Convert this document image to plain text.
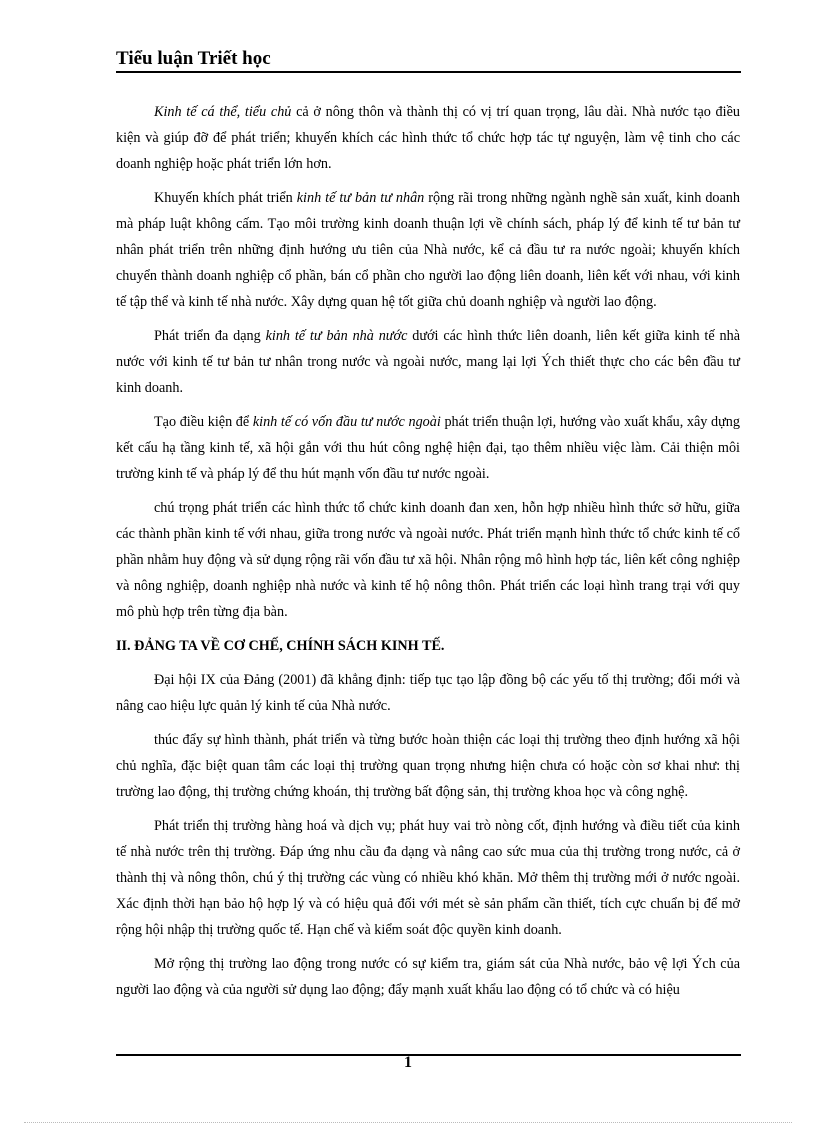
Tiểu luận Triết học

Kinh tế cá thể, tiểu chủ cả ở nông thôn và thành thị có vị trí quan trọng, lâu dài. Nhà nước tạo điều kiện và giúp đỡ để phát triển; khuyến khích các hình thức tổ chức hợp tác tự nguyện, làm vệ tinh cho các doanh nghiệp hoặc phát triển lớn hơn.

Khuyến khích phát triển kinh tế tư bản tư nhân rộng rãi trong những ngành nghề sản xuất, kinh doanh mà pháp luật không cấm. Tạo môi trường kinh doanh thuận lợi về chính sách, pháp lý để kinh tế tư bản tư nhân phát triển trên những định hướng ưu tiên của Nhà nước, kể cả đầu tư ra nước ngoài; khuyến khích chuyển thành doanh nghiệp cổ phần, bán cổ phần cho người lao động liên doanh, liên kết với nhau, với kinh tế tập thể và kinh tế nhà nước. Xây dựng quan hệ tốt giữa chủ doanh nghiệp và người lao động.

Phát triển đa dạng kinh tế tư bản nhà nước dưới các hình thức liên doanh, liên kết giữa kinh tế nhà nước với kinh tế tư bản tư nhân trong nước và ngoài nước, mang lại lợi Ých thiết thực cho các bên đầu tư kinh doanh.

Tạo điều kiện để kinh tế có vốn đầu tư nước ngoài phát triển thuận lợi, hướng vào xuất khẩu, xây dựng kết cấu hạ tầng kinh tế, xã hội gắn với thu hút công nghệ hiện đại, tạo thêm nhiều việc làm. Cải thiện môi trường kinh tế và pháp lý để thu hút mạnh vốn đầu tư nước ngoài.

chú trọng phát triển các hình thức tổ chức kinh doanh đan xen, hỗn hợp nhiều hình thức sở hữu, giữa các thành phần kinh tế với nhau, giữa trong nước và ngoài nước. Phát triển mạnh hình thức tổ chức kinh tế cổ phần nhằm huy động và sử dụng rộng rãi vốn đầu tư xã hội. Nhân rộng mô hình hợp tác, liên kết công nghiệp và nông nghiệp, doanh nghiệp nhà nước và kinh tế hộ nông thôn. Phát triển các loại hình trang trại với quy mô phù hợp trên từng địa bàn.

II. ĐẢNG TA VỀ CƠ CHẾ, CHÍNH SÁCH KINH TẾ.

Đại hội IX của Đảng (2001) đã khẳng định: tiếp tục tạo lập đồng bộ các yếu tố thị trường; đổi mới và nâng cao hiệu lực quản lý kinh tế của Nhà nước.

thúc đẩy sự hình thành, phát triển và từng bước hoàn thiện các loại thị trường theo định hướng xã hội chủ nghĩa, đặc biệt quan tâm các loại thị trường quan trọng nhưng hiện chưa có hoặc còn sơ khai như: thị trường lao động, thị trường chứng khoán, thị trường bất động sản, thị trường khoa học và công nghệ.

Phát triển thị trường hàng hoá và dịch vụ; phát huy vai trò nòng cốt, định hướng và điều tiết của kinh tế nhà nước trên thị trường. Đáp ứng nhu cầu đa dạng và nâng cao sức mua của thị trường trong nước, cả ở thành thị và nông thôn, chú ý thị trường các vùng có nhiều khó khăn. Mở thêm thị trường mới ở nước ngoài. Xác định thời hạn bảo hộ hợp lý và có hiệu quả đối với mét sè sản phẩm cần thiết, tích cực chuẩn bị để mở rộng hội nhập thị trường quốc tế. Hạn chế và kiểm soát độc quyền kinh doanh.

Mở rộng thị trường lao động trong nước có sự kiểm tra, giám sát của Nhà nước, bảo vệ lợi Ých của người lao động và của người sử dụng lao động; đẩy mạnh xuất khẩu lao động có tổ chức và có hiệu

1
